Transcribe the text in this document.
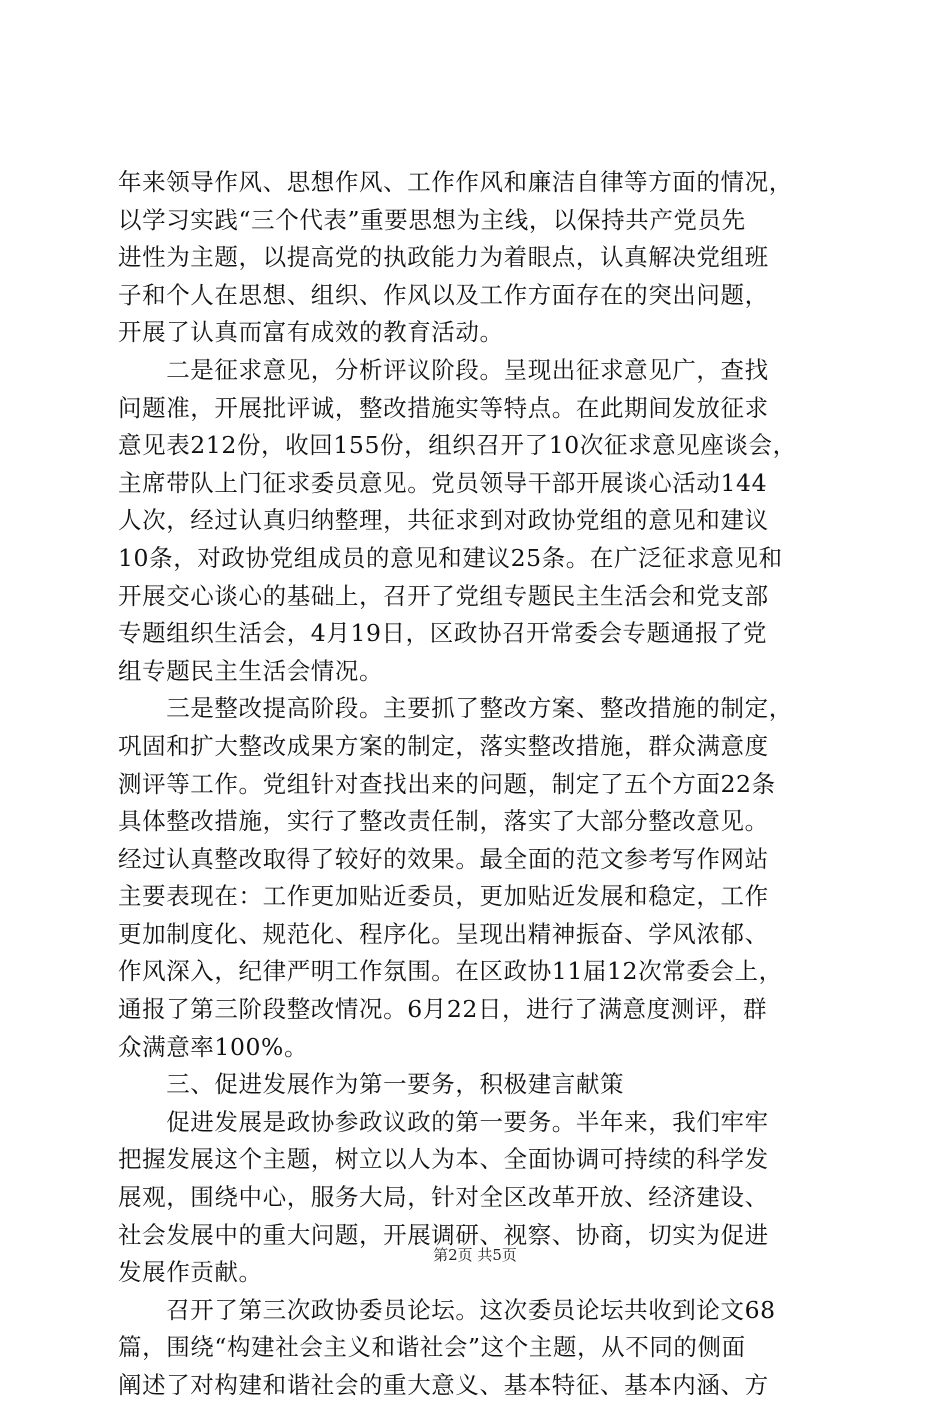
年来领导作风、思想作风、工作作风和廉洁自律等方面的情况，
以学习实践“三个代表”重要思想为主线，以保持共产党员先
进性为主题，以提高党的执政能力为着眼点，认真解决党组班
子和个人在思想、组织、作风以及工作方面存在的突出问题，
开展了认真而富有成效的教育活动。
　　二是征求意见，分析评议阶段。呈现出征求意见广，查找
问题准，开展批评诚，整改措施实等特点。在此期间发放征求
意见表212份，收回155份，组织召开了10次征求意见座谈会，
主席带队上门征求委员意见。党员领导干部开展谈心活动144
人次，经过认真归纳整理，共征求到对政协党组的意见和建议
10条，对政协党组成员的意见和建议25条。在广泛征求意见和
开展交心谈心的基础上，召开了党组专题民主生活会和党支部
专题组织生活会，4月19日，区政协召开常委会专题通报了党
组专题民主生活会情况。
　　三是整改提高阶段。主要抓了整改方案、整改措施的制定，
巩固和扩大整改成果方案的制定，落实整改措施，群众满意度
测评等工作。党组针对查找出来的问题，制定了五个方面22条
具体整改措施，实行了整改责任制，落实了大部分整改意见。
经过认真整改取得了较好的效果。最全面的范文参考写作网站
主要表现在：工作更加贴近委员，更加贴近发展和稳定，工作
更加制度化、规范化、程序化。呈现出精神振奋、学风浓郁、
作风深入，纪律严明工作氛围。在区政协11届12次常委会上，
通报了第三阶段整改情况。6月22日，进行了满意度测评，群
众满意率100%。
　　三、促进发展作为第一要务，积极建言献策
　　促进发展是政协参政议政的第一要务。半年来，我们牢牢
把握发展这个主题，树立以人为本、全面协调可持续的科学发
展观，围绕中心，服务大局，针对全区改革开放、经济建设、
社会发展中的重大问题，开展调研、视察、协商，切实为促进
发展作贡献。
　　召开了第三次政协委员论坛。这次委员论坛共收到论文68
篇，围绕“构建社会主义和谐社会”这个主题，从不同的侧面
阐述了对构建和谐社会的重大意义、基本特征、基本内涵、方
第2页 共5页
